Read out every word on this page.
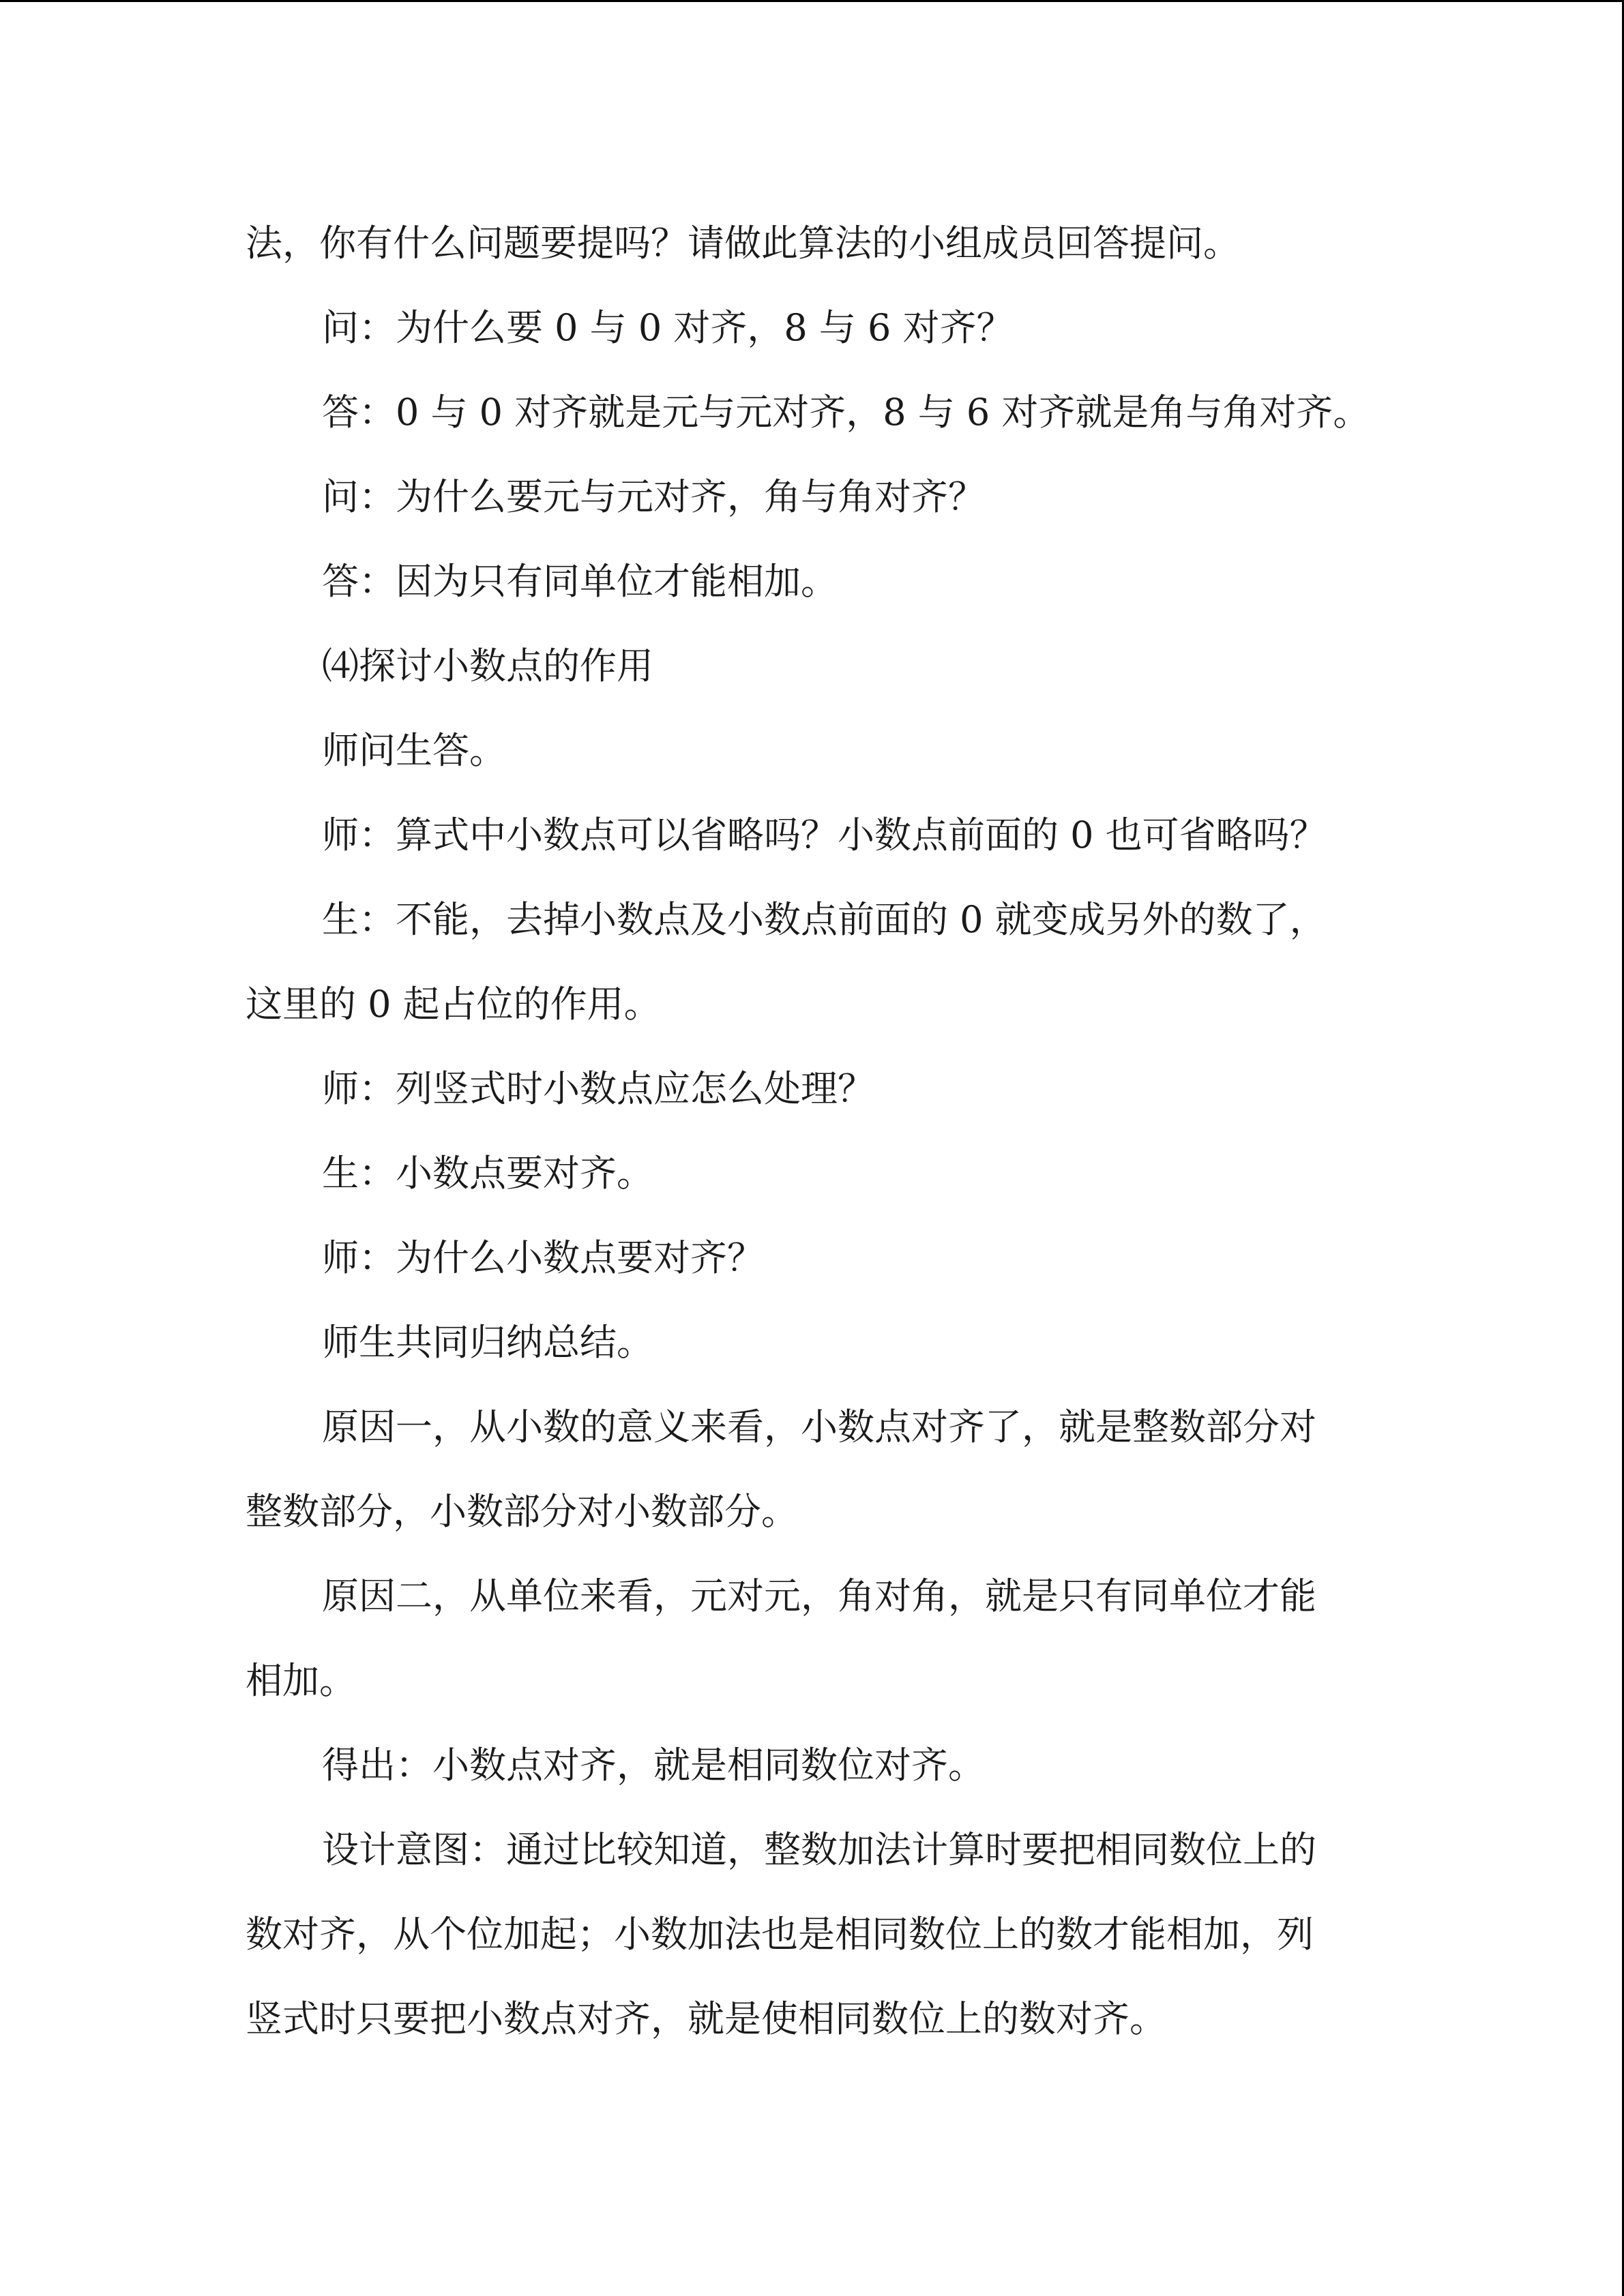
法，你有什么问题要提吗？请做此算法的小组成员回答提问。

问：为什么要 0 与 0 对齐，8 与 6 对齐？

答：0 与 0 对齐就是元与元对齐，8 与 6 对齐就是角与角对齐。

问：为什么要元与元对齐，角与角对齐？

答：因为只有同单位才能相加。

⑷探讨小数点的作用

师问生答。

师：算式中小数点可以省略吗？小数点前面的 0 也可省略吗？

生：不能，去掉小数点及小数点前面的 0 就变成另外的数了，

这里的 0 起占位的作用。

师：列竖式时小数点应怎么处理？

生：小数点要对齐。

师：为什么小数点要对齐？

师生共同归纳总结。

原因一，从小数的意义来看，小数点对齐了，就是整数部分对

整数部分，小数部分对小数部分。

原因二，从单位来看，元对元，角对角，就是只有同单位才能

相加。

得出：小数点对齐，就是相同数位对齐。

设计意图：通过比较知道，整数加法计算时要把相同数位上的

数对齐，从个位加起；小数加法也是相同数位上的数才能相加，列

竖式时只要把小数点对齐，就是使相同数位上的数对齐。
